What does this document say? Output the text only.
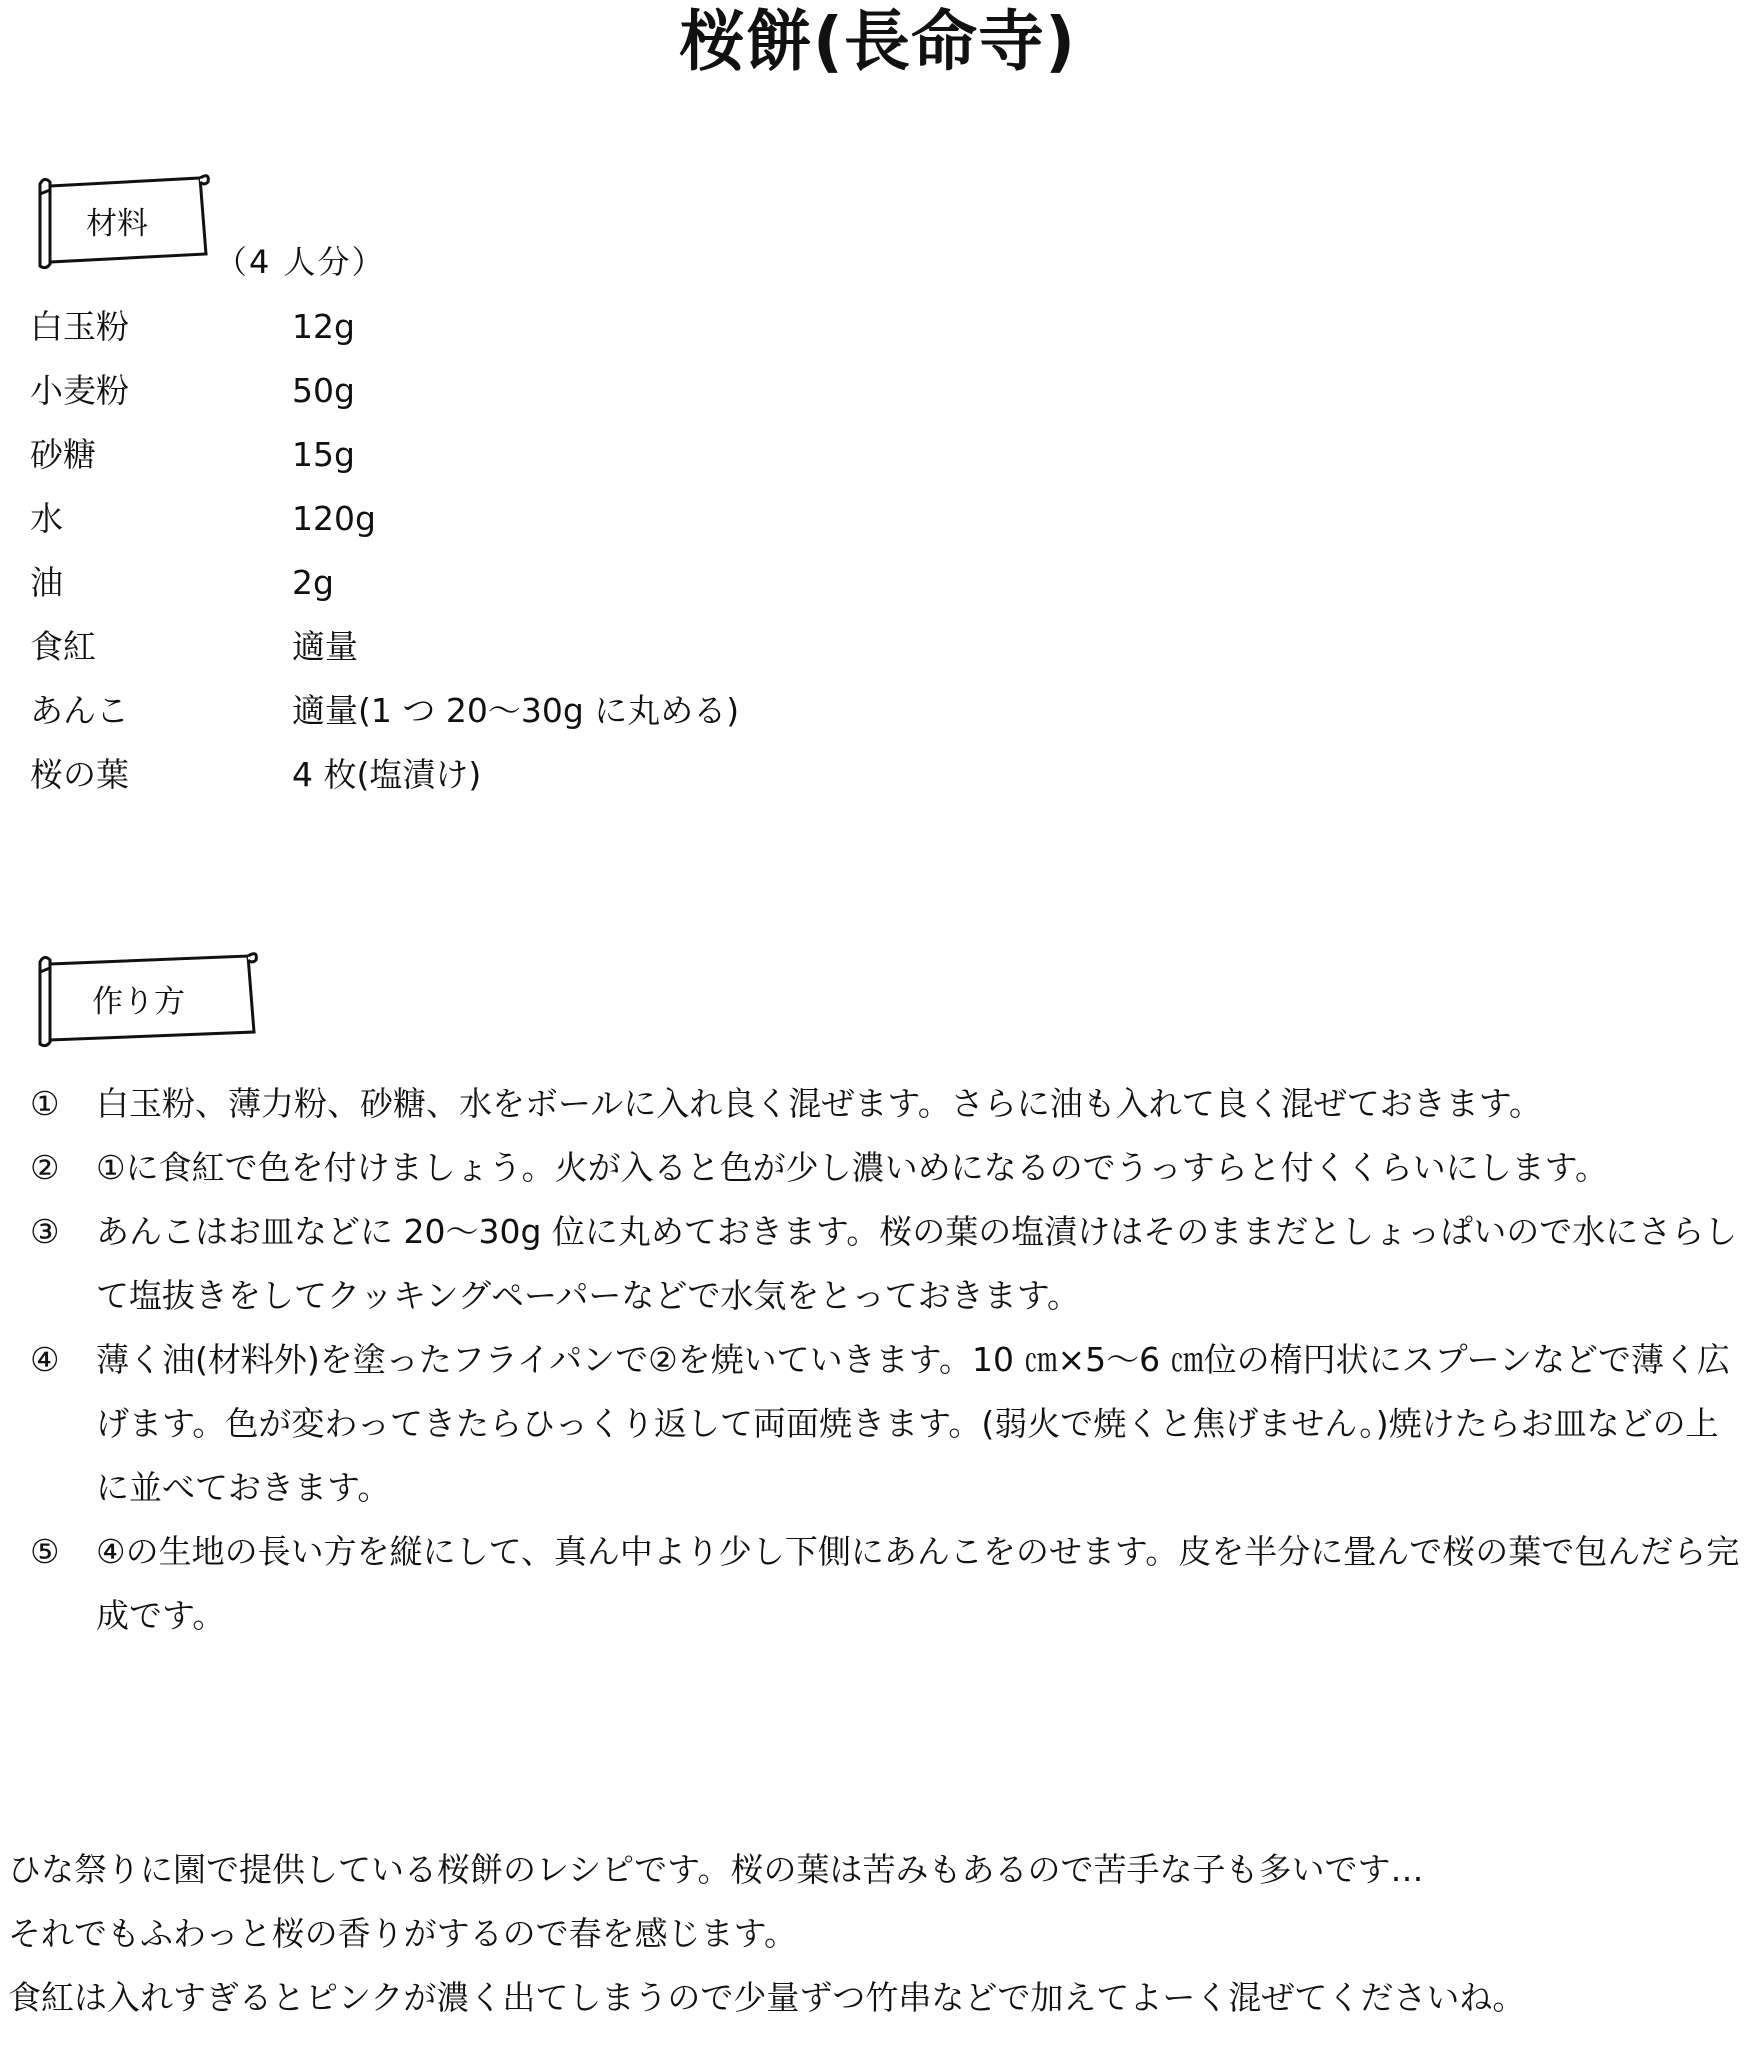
桜餅(長命寺)
材料
（4 人分）
白玉粉	12g
小麦粉	50g
砂糖	15g
水	120g
油	2g
食紅	適量
あんこ	適量(1 つ 20～30g に丸める)
桜の葉	4 枚(塩漬け)
作り方
① 白玉粉、薄力粉、砂糖、水をボールに入れ良く混ぜます。さらに油も入れて良く混ぜておきます。
② ①に食紅で色を付けましょう。火が入ると色が少し濃いめになるのでうっすらと付くくらいにします。
③ あんこはお皿などに 20～30g 位に丸めておきます。桜の葉の塩漬けはそのままだとしょっぱいので水にさらして塩抜きをしてクッキングペーパーなどで水気をとっておきます。
④ 薄く油(材料外)を塗ったフライパンで②を焼いていきます。10 ㎝×5～6 ㎝位の楕円状にスプーンなどで薄く広げます。色が変わってきたらひっくり返して両面焼きます。(弱火で焼くと焦げません。)焼けたらお皿などの上に並べておきます。
⑤ ④の生地の長い方を縦にして、真ん中より少し下側にあんこをのせます。皮を半分に畳んで桜の葉で包んだら完成です。

ひな祭りに園で提供している桜餅のレシピです。桜の葉は苦みもあるので苦手な子も多いです…

それでもふわっと桜の香りがするので春を感じます。

食紅は入れすぎるとピンクが濃く出てしまうので少量ずつ竹串などで加えてよーく混ぜてくださいね。
